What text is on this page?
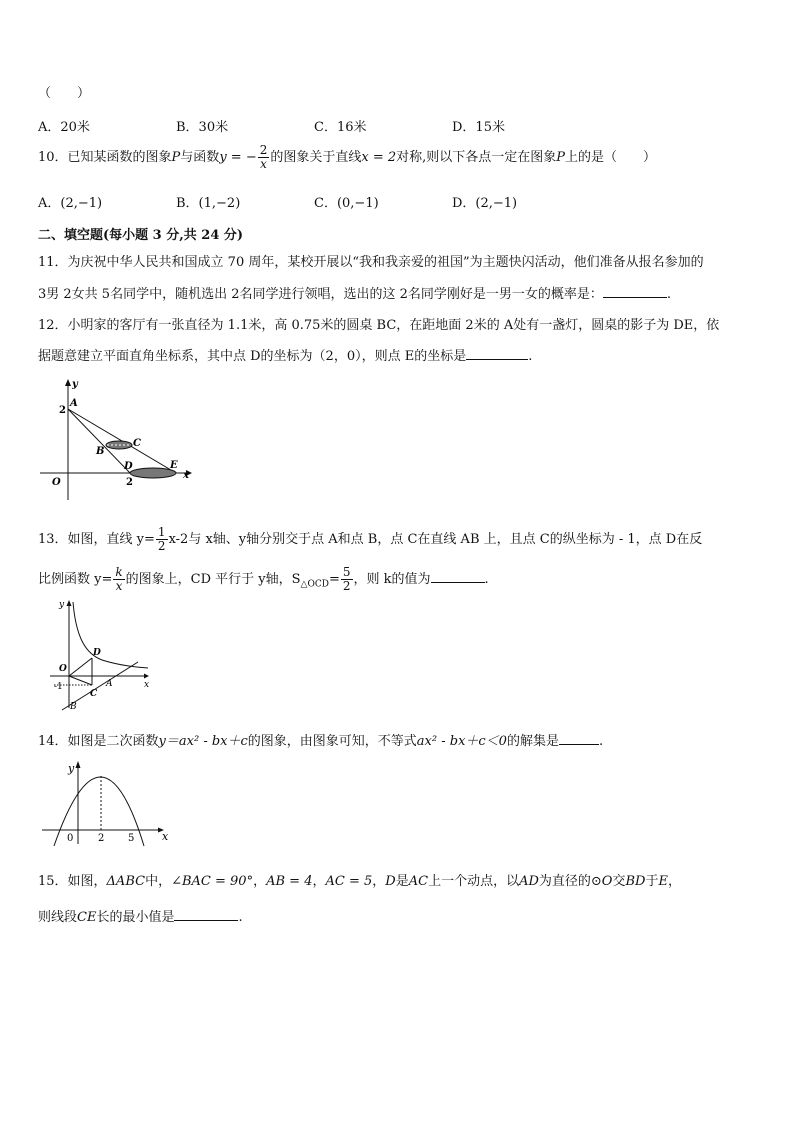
（　　）
A．20米	B．30米	C．16米	D．15米
10．已知某函数的图象P与函数y = − $\frac{2}{x}$ 的图象关于直线x = 2对称,则以下各点一定在图象P上的是（　　）
A．(2,−1)	B．(1,−2)	C．(0,−1)	D．(2,−1)
二、填空题(每小题 3 分,共 24 分)
11．为庆祝中华人民共和国成立 70 周年，某校开展以“我和我亲爱的祖国”为主题快闪活动，他们准备从报名参加的
3男 2女共 5名同学中，随机选出 2名同学进行领唱，选出的这 2名同学刚好是一男一女的概率是：	.
12．小明家的客厅有一张直径为 1.1米，高 0.75米的圆桌 BC，在距地面 2米的 A处有一盏灯，圆桌的影子为 DE，依
据题意建立平面直角坐标系，其中点 D的坐标为（2，0），则点 E的坐标是	.
y
A
2
C
B
D	E
x
2
O
13．如图，直线 $y= \frac{1}{2} x-2$与 x轴、y轴分别交于点 A和点 B，点 C在直线 AB 上，且点 C的纵坐标为 - 1，点 D在反
比例函数 $y= \frac{k}{x}$ 的图象上，CD 平行于 y轴，$S_{\triangle OCD}= \frac{5}{2}$ ，则 k的值为	.
y
D
O
-1
C
A	x
B
14．如图是二次函数y＝ax² - bx＋c的图象，由图象可知，不等式ax² - bx＋c＜0的解集是	.
y
0 2 5	x
15．如图，ΔABC中，∠BAC = 90°，AB = 4，AC = 5，D是AC上一个动点，以AD为直径的⊙O交BD于E，
则线段CE长的最小值是	.
